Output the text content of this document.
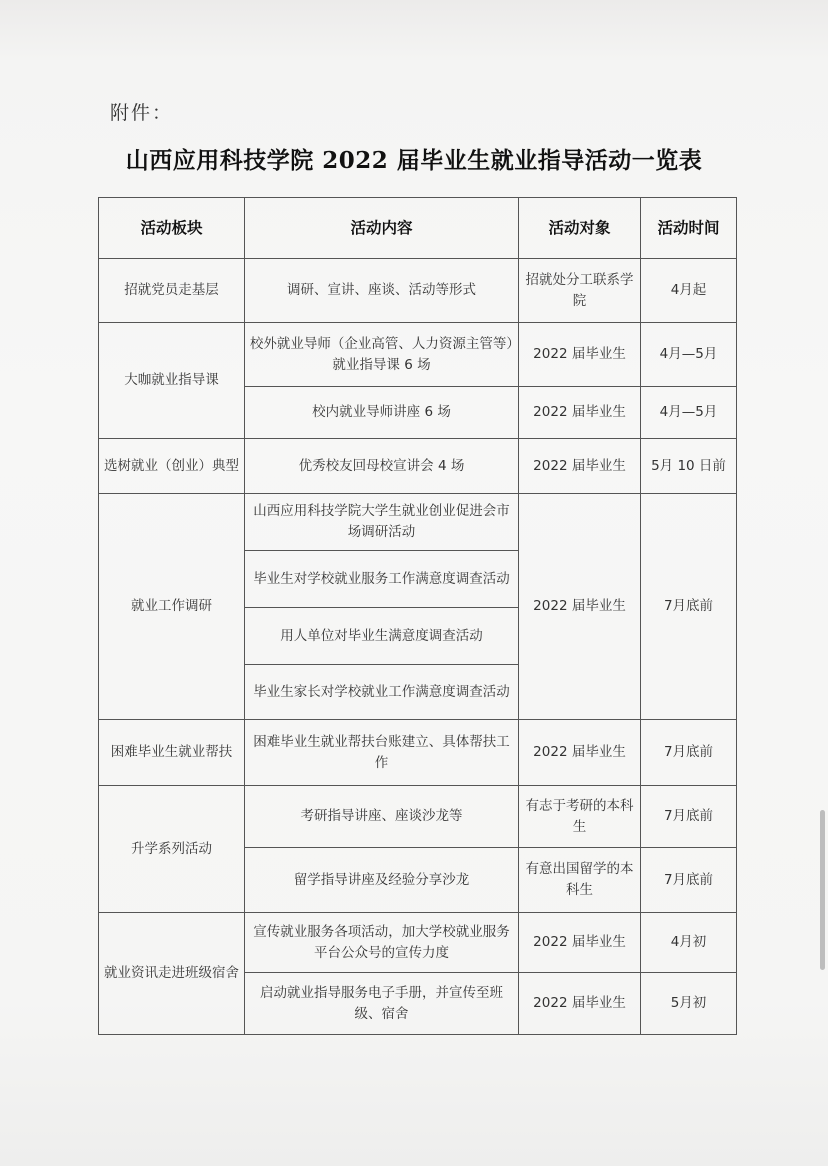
附件：
山西应用科技学院 2022 届毕业生就业指导活动一览表
活动板块	活动内容	活动对象	活动时间
招就党员走基层	调研、宣讲、座谈、活动等形式	招就处分工联系学院	4月起
大咖就业指导课	校外就业导师（企业高管、人力资源主管等）就业指导课 6 场	2022 届毕业生	4月—5月
	校内就业导师讲座 6 场	2022 届毕业生	4月—5月
选树就业（创业）典型	优秀校友回母校宣讲会 4 场	2022 届毕业生	5月 10 日前
就业工作调研	山西应用科技学院大学生就业创业促进会市场调研活动	2022 届毕业生	7月底前
	毕业生对学校就业服务工作满意度调查活动		
	用人单位对毕业生满意度调查活动		
	毕业生家长对学校就业工作满意度调查活动		
困难毕业生就业帮扶	困难毕业生就业帮扶台账建立、具体帮扶工作	2022 届毕业生	7月底前
升学系列活动	考研指导讲座、座谈沙龙等	有志于考研的本科生	7月底前
	留学指导讲座及经验分享沙龙	有意出国留学的本科生	7月底前
就业资讯走进班级宿舍	宣传就业服务各项活动，加大学校就业服务平台公众号的宣传力度	2022 届毕业生	4月初
	启动就业指导服务电子手册，并宣传至班级、宿舍	2022 届毕业生	5月初
